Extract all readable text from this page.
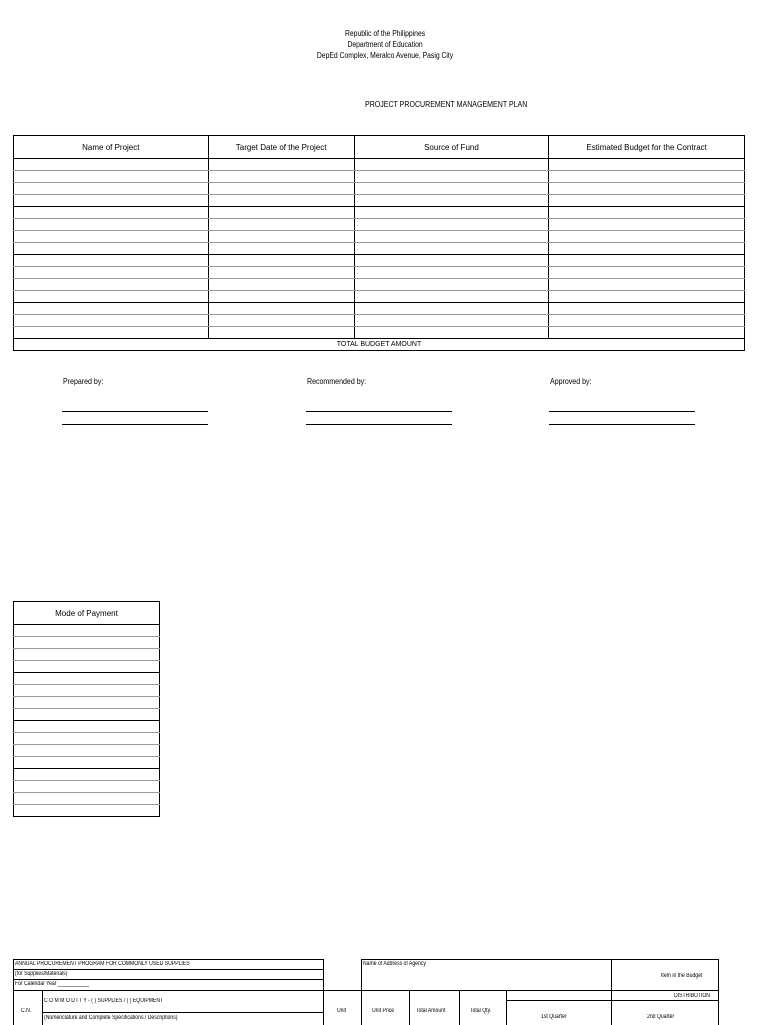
Republic of the Philippines
Department of Education
DepEd Complex, Meralco Avenue, Pasig City
PROJECT PROCUREMENT MANAGEMENT PLAN
Name of Project	Target Date of the Project	Source of Fund	Estimated Budget for the Contract

TOTAL BUDGET AMOUNT			
Prepared by:	Recommended by:	Approved by:
Mode of Payment

ANNUAL PROCUREMENT PROGRAM FOR COMMONLY USED SUPPLIES
(for Supplies/Materials)
For Calendar Year ___________
Name of Address of Agency
Item in the Budget
DISTRIBUTION
C.N.
C O M M O D I T Y - ( ) SUPPLIES / ( ) EQUIPMENT
(Nomenclature and Complete Specifications / Descriptions)
Unit	Unit Price	Total Amount	Total Qty.
1st Quarter	2nd Quarter
